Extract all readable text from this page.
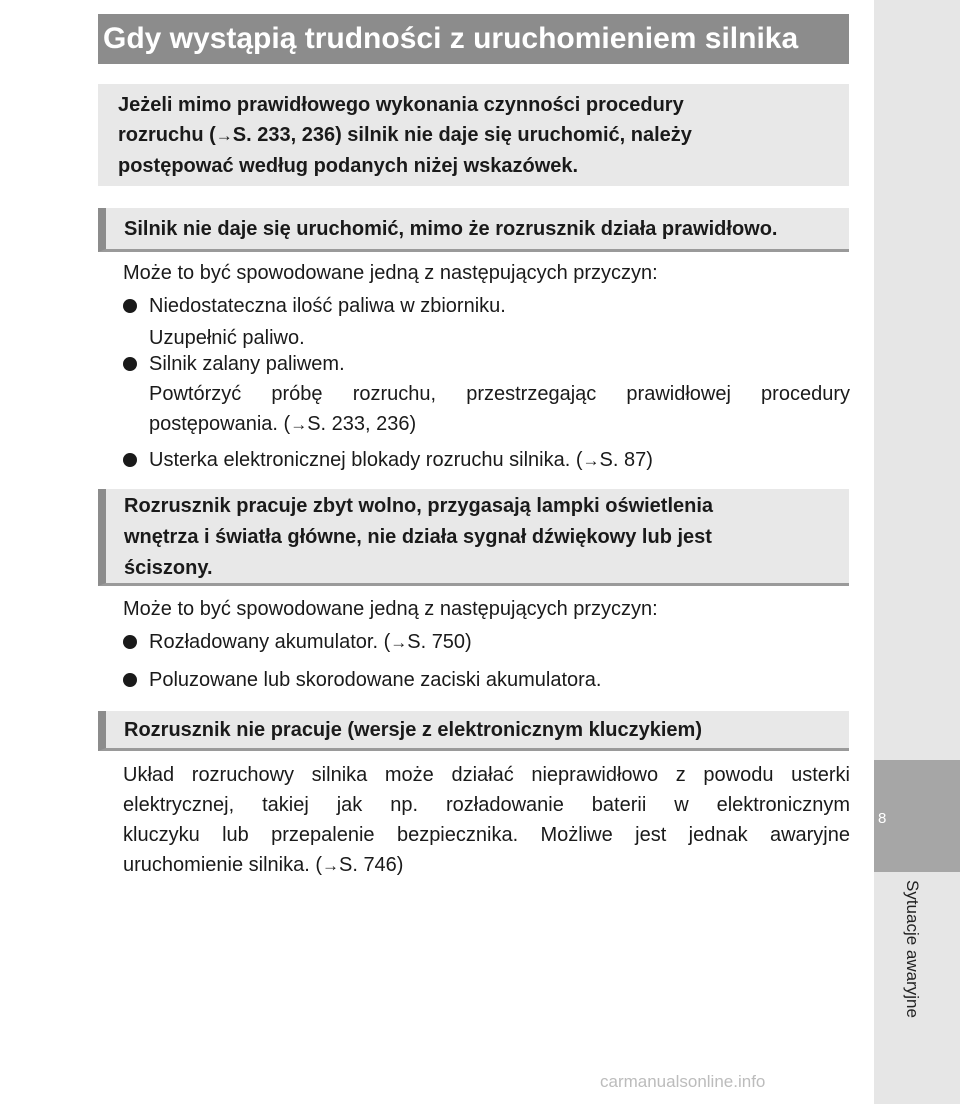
8
Sytuacje awaryjne
Gdy wystąpią trudności z uruchomieniem silnika
Jeżeli mimo prawidłowego wykonania czynności procedury
rozruchu (→S. 233, 236) silnik nie daje się uruchomić, należy
postępować według podanych niżej wskazówek.
Silnik nie daje się uruchomić, mimo że rozrusznik działa prawidłowo.
Może to być spowodowane jedną z następujących przyczyn:
Niedostateczna ilość paliwa w zbiorniku.
Uzupełnić paliwo.
Silnik zalany paliwem.
Powtórzyć próbę rozruchu, przestrzegając prawidłowej procedury
postępowania. (→S. 233, 236)
Usterka elektronicznej blokady rozruchu silnika. (→S. 87)
Rozrusznik pracuje zbyt wolno, przygasają lampki oświetlenia
wnętrza i światła główne, nie działa sygnał dźwiękowy lub jest
ściszony.
Może to być spowodowane jedną z następujących przyczyn:
Rozładowany akumulator. (→S. 750)
Poluzowane lub skorodowane zaciski akumulatora.
Rozrusznik nie pracuje (wersje z elektronicznym kluczykiem)
Układ rozruchowy silnika może działać nieprawidłowo z powodu usterki
elektrycznej, takiej jak np. rozładowanie baterii w elektronicznym
kluczyku lub przepalenie bezpiecznika. Możliwe jest jednak awaryjne
uruchomienie silnika. (→S. 746)
carmanualsonline.info
